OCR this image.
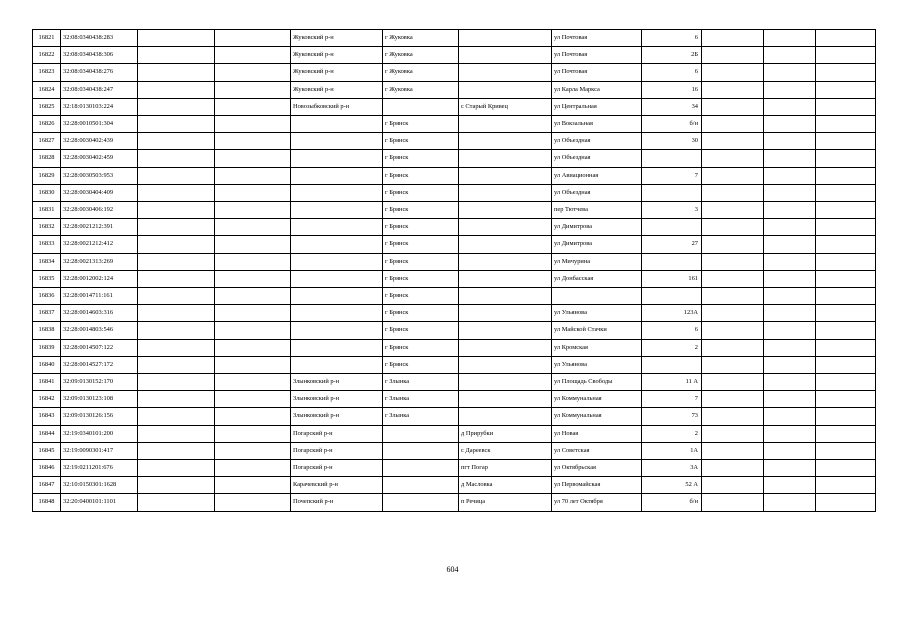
16821	32:08:0340438:283			Жуковский р-н	г Жуковка		ул Почтовая	6			
16822	32:08:0340438:306			Жуковский р-н	г Жуковка		ул Почтовая	2Б			
16823	32:08:0340438:276			Жуковский р-н	г Жуковка		ул Почтовая	6			
16824	32:08:0340438:247			Жуковский р-н	г Жуковка		ул Карла Маркса	16			
16825	32:18:0130103:224			Новозыбковский р-н		с Старый Кривец	ул Центральная	34			
16826	32:28:0010501:304				г Брянск		ул Вокзальная	б/н			
16827	32:28:0030402:439				г Брянск		ул Объездная	30			
16828	32:28:0030402:459				г Брянск		ул Объездная				
16829	32:28:0030503:953				г Брянск		ул Авиационная	7			
16830	32:28:0030404:409				г Брянск		ул Объездная				
16831	32:28:0030406:192				г Брянск		пер Тютчева	3			
16832	32:28:0021212:391				г Брянск		ул Димитрова				
16833	32:28:0021212:412				г Брянск		ул Димитрова	27			
16834	32:28:0021313:269				г Брянск		ул Мичурина				
16835	32:28:0012002:124				г Брянск		ул Донбасская	161			
16836	32:28:0014711:161				г Брянск						
16837	32:28:0014603:316				г Брянск		ул Ульянова	123А			
16838	32:28:0014803:546				г Брянск		ул Майской Стачки	6			
16839	32:28:0014507:122				г Брянск		ул Кромская	2			
16840	32:28:0014527:172				г Брянск		ул Ульянова				
16841	32:09:0130152:170			Злынковский р-н	г Злынка		ул Площадь Свободы	11 А			
16842	32:09:0130123:108			Злынковский р-н	г Злынка		ул Коммунальная	7			
16843	32:09:0130126:156			Злынковский р-н	г Злынка		ул Коммунальная	73			
16844	32:19:0340101:200			Погарский р-н		д Прирубки	ул Новая	2			
16845	32:19:0090301:417			Погарский р-н		с Дареевск	ул Советская	1А			
16846	32:19:0211201:676			Погарский р-н		пгт Погар	ул Октябрьская	3А			
16847	32:10:0150301:1628			Карачевский р-н		д Масловка	ул Первомайская	52 А			
16848	32:20:0400101:1101			Почепский р-н		п Речица	ул 70 лет Октября	б/н			
604
